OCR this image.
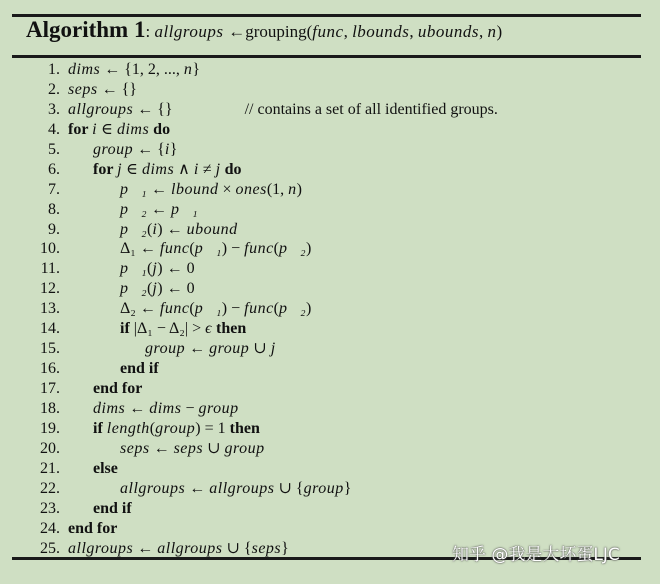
Algorithm 1: allgroups ←grouping(func, lbounds, ubounds, n)
1. dims ← {1, 2, ..., n}
2. seps ← {}
3. allgroups ← {}	// contains a set of all identified groups.
4. for i ∈ dims do
5. group ← {i}
6. for j ∈ dims ∧ i ≠ j do
7.	p⃗₁ ← lbound × ones(1, n)
8.	p⃗₂ ← p⃗₁
9.	p⃗₂(i) ← ubound
10.	Δ₁ ← func(p⃗₁) − func(p⃗₂)
11.	p⃗₁(j) ← 0
12.	p⃗₂(j) ← 0
13.	Δ₂ ← func(p⃗₁) − func(p⃗₂)
14.	if |Δ₁ − Δ₂| > ϵ then
15.	group ← group ∪ j
16.	end if
17. end for
18. dims ← dims − group
19. if length(group) = 1 then
20.	seps ← seps ∪ group
21. else
22.	allgroups ← allgroups ∪ {group}
23. end if
24. end for
25. allgroups ← allgroups ∪ {seps}	知乎 @我是大坏蛋LJC
